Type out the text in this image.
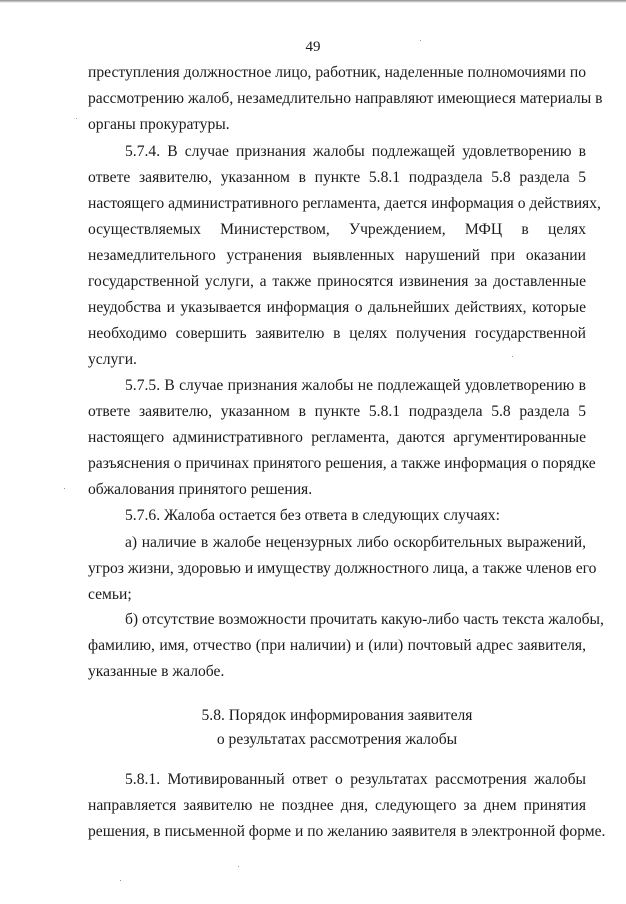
49
преступления должностное лицо, работник, наделенные полномочиями по
рассмотрению жалоб, незамедлительно направляют имеющиеся материалы в
органы прокуратуры.
5.7.4. В случае признания жалобы подлежащей удовлетворению в
ответе заявителю, указанном в пункте 5.8.1 подраздела 5.8 раздела 5
настоящего административного регламента, дается информация о действиях,
осуществляемых Министерством, Учреждением, МФЦ в целях
незамедлительного устранения выявленных нарушений при оказании
государственной услуги, а также приносятся извинения за доставленные
неудобства и указывается информация о дальнейших действиях, которые
необходимо совершить заявителю в целях получения государственной
услуги.
5.7.5. В случае признания жалобы не подлежащей удовлетворению в
ответе заявителю, указанном в пункте 5.8.1 подраздела 5.8 раздела 5
настоящего административного регламента, даются аргументированные
разъяснения о причинах принятого решения, а также информация о порядке
обжалования принятого решения.
5.7.6. Жалоба остается без ответа в следующих случаях:
а) наличие в жалобе нецензурных либо оскорбительных выражений,
угроз жизни, здоровью и имуществу должностного лица, а также членов его
семьи;
б) отсутствие возможности прочитать какую-либо часть текста жалобы,
фамилию, имя, отчество (при наличии) и (или) почтовый адрес заявителя,
указанные в жалобе.
5.8. Порядок информирования заявителя
о результатах рассмотрения жалобы
5.8.1. Мотивированный ответ о результатах рассмотрения жалобы
направляется заявителю не позднее дня, следующего за днем принятия
решения, в письменной форме и по желанию заявителя в электронной форме.
